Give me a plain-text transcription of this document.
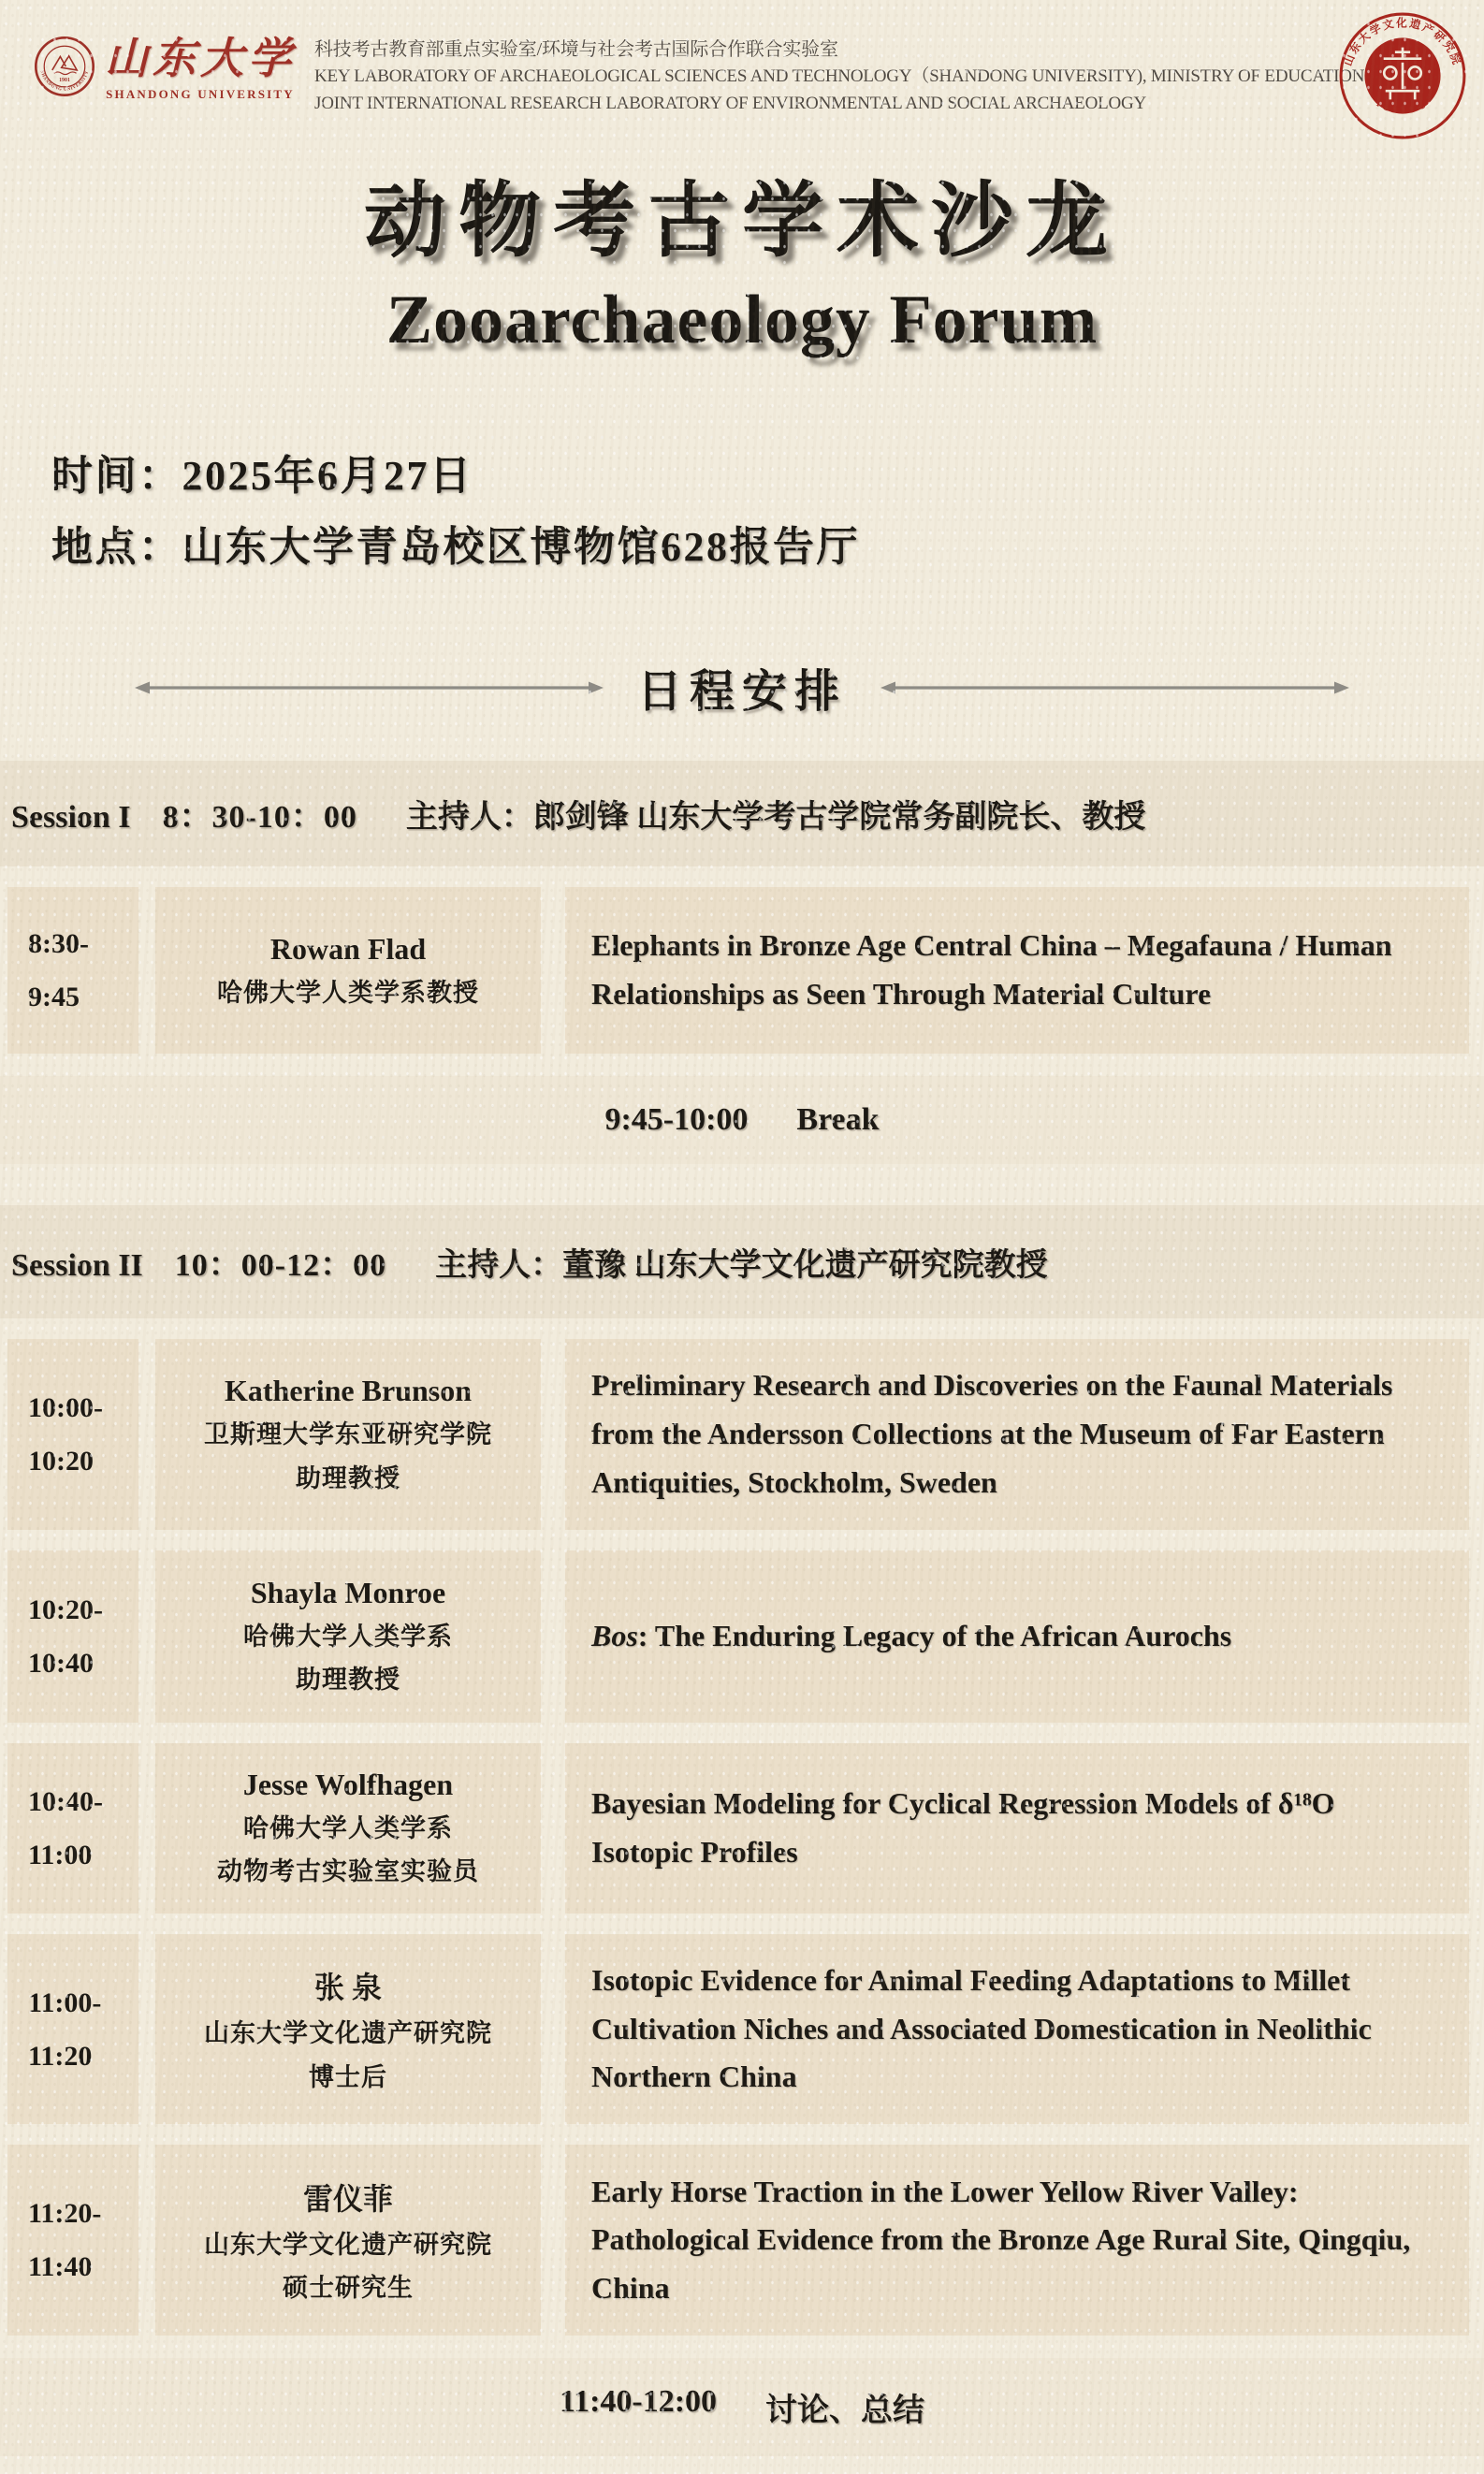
1901
SHANDONG UNIVERSITY 山东大学
SHANDONG UNIVERSITY
科技考古教育部重点实验室/环境与社会考古国际合作联合实验室
KEY LABORATORY OF ARCHAEOLOGICAL SCIENCES AND TECHNOLOGY（SHANDONG UNIVERSITY), MINISTRY OF EDUCATION
JOINT INTERNATIONAL RESEARCH LABORATORY OF ENVIRONMENTAL AND SOCIAL ARCHAEOLOGY
山东大学文化遗产研究院
ICHSDU
动物考古学术沙龙
Zooarchaeology Forum
时间：2025年6月27日
地点：山东大学青岛校区博物馆628报告厅
日程安排
Session I 8：30-10：00 主持人：郎剑锋 山东大学考古学院常务副院长、教授
8:30-
9:45
Rowan Flad
哈佛大学人类学系教授
Elephants in Bronze Age Central China – Megafauna / Human Relationships as Seen Through Material Culture
9:45-10:00 Break
Session II 10：00-12：00 主持人：董豫 山东大学文化遗产研究院教授
10:00-
10:20
Katherine Brunson
卫斯理大学东亚研究学院
助理教授
Preliminary Research and Discoveries on the Faunal Materials from the Andersson Collections at the Museum of Far Eastern Antiquities, Stockholm, Sweden
10:20-
10:40
Shayla Monroe
哈佛大学人类学系
助理教授
Bos: The Enduring Legacy of the African Aurochs
10:40-
11:00
Jesse Wolfhagen
哈佛大学人类学系
动物考古实验室实验员
Bayesian Modeling for Cyclical Regression Models of δ¹⁸O Isotopic Profiles
11:00-
11:20
张 泉
山东大学文化遗产研究院
博士后
Isotopic Evidence for Animal Feeding Adaptations to Millet Cultivation Niches and Associated Domestication in Neolithic Northern China
11:20-
11:40
雷仪菲
山东大学文化遗产研究院
硕士研究生
Early Horse Traction in the Lower Yellow River Valley: Pathological Evidence from the Bronze Age Rural Site, Qingqiu, China
11:40-12:00 讨论、总结
